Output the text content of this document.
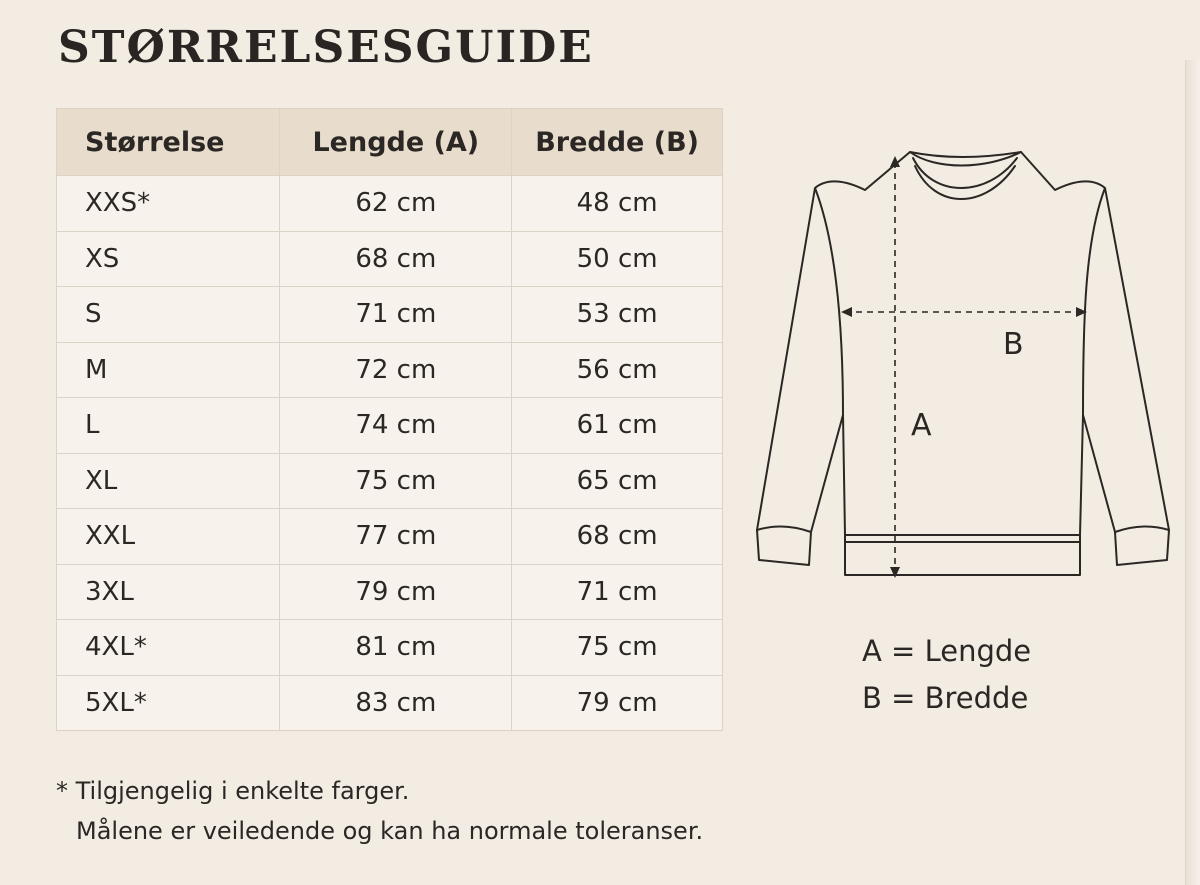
STØRRELSESGUIDE
Størrelse	Lengde (A)	Bredde (B)
XXS*	62 cm	48 cm
XS	68 cm	50 cm
S	71 cm	53 cm
M	72 cm	56 cm
L	74 cm	61 cm
XL	75 cm	65 cm
XXL	77 cm	68 cm
3XL	79 cm	71 cm
4XL*	81 cm	75 cm
5XL*	83 cm	79 cm
* Tilgjengelig i enkelte farger.
Målene er veiledende og kan ha normale toleranser.
B
A
A = Lengde
B = Bredde
